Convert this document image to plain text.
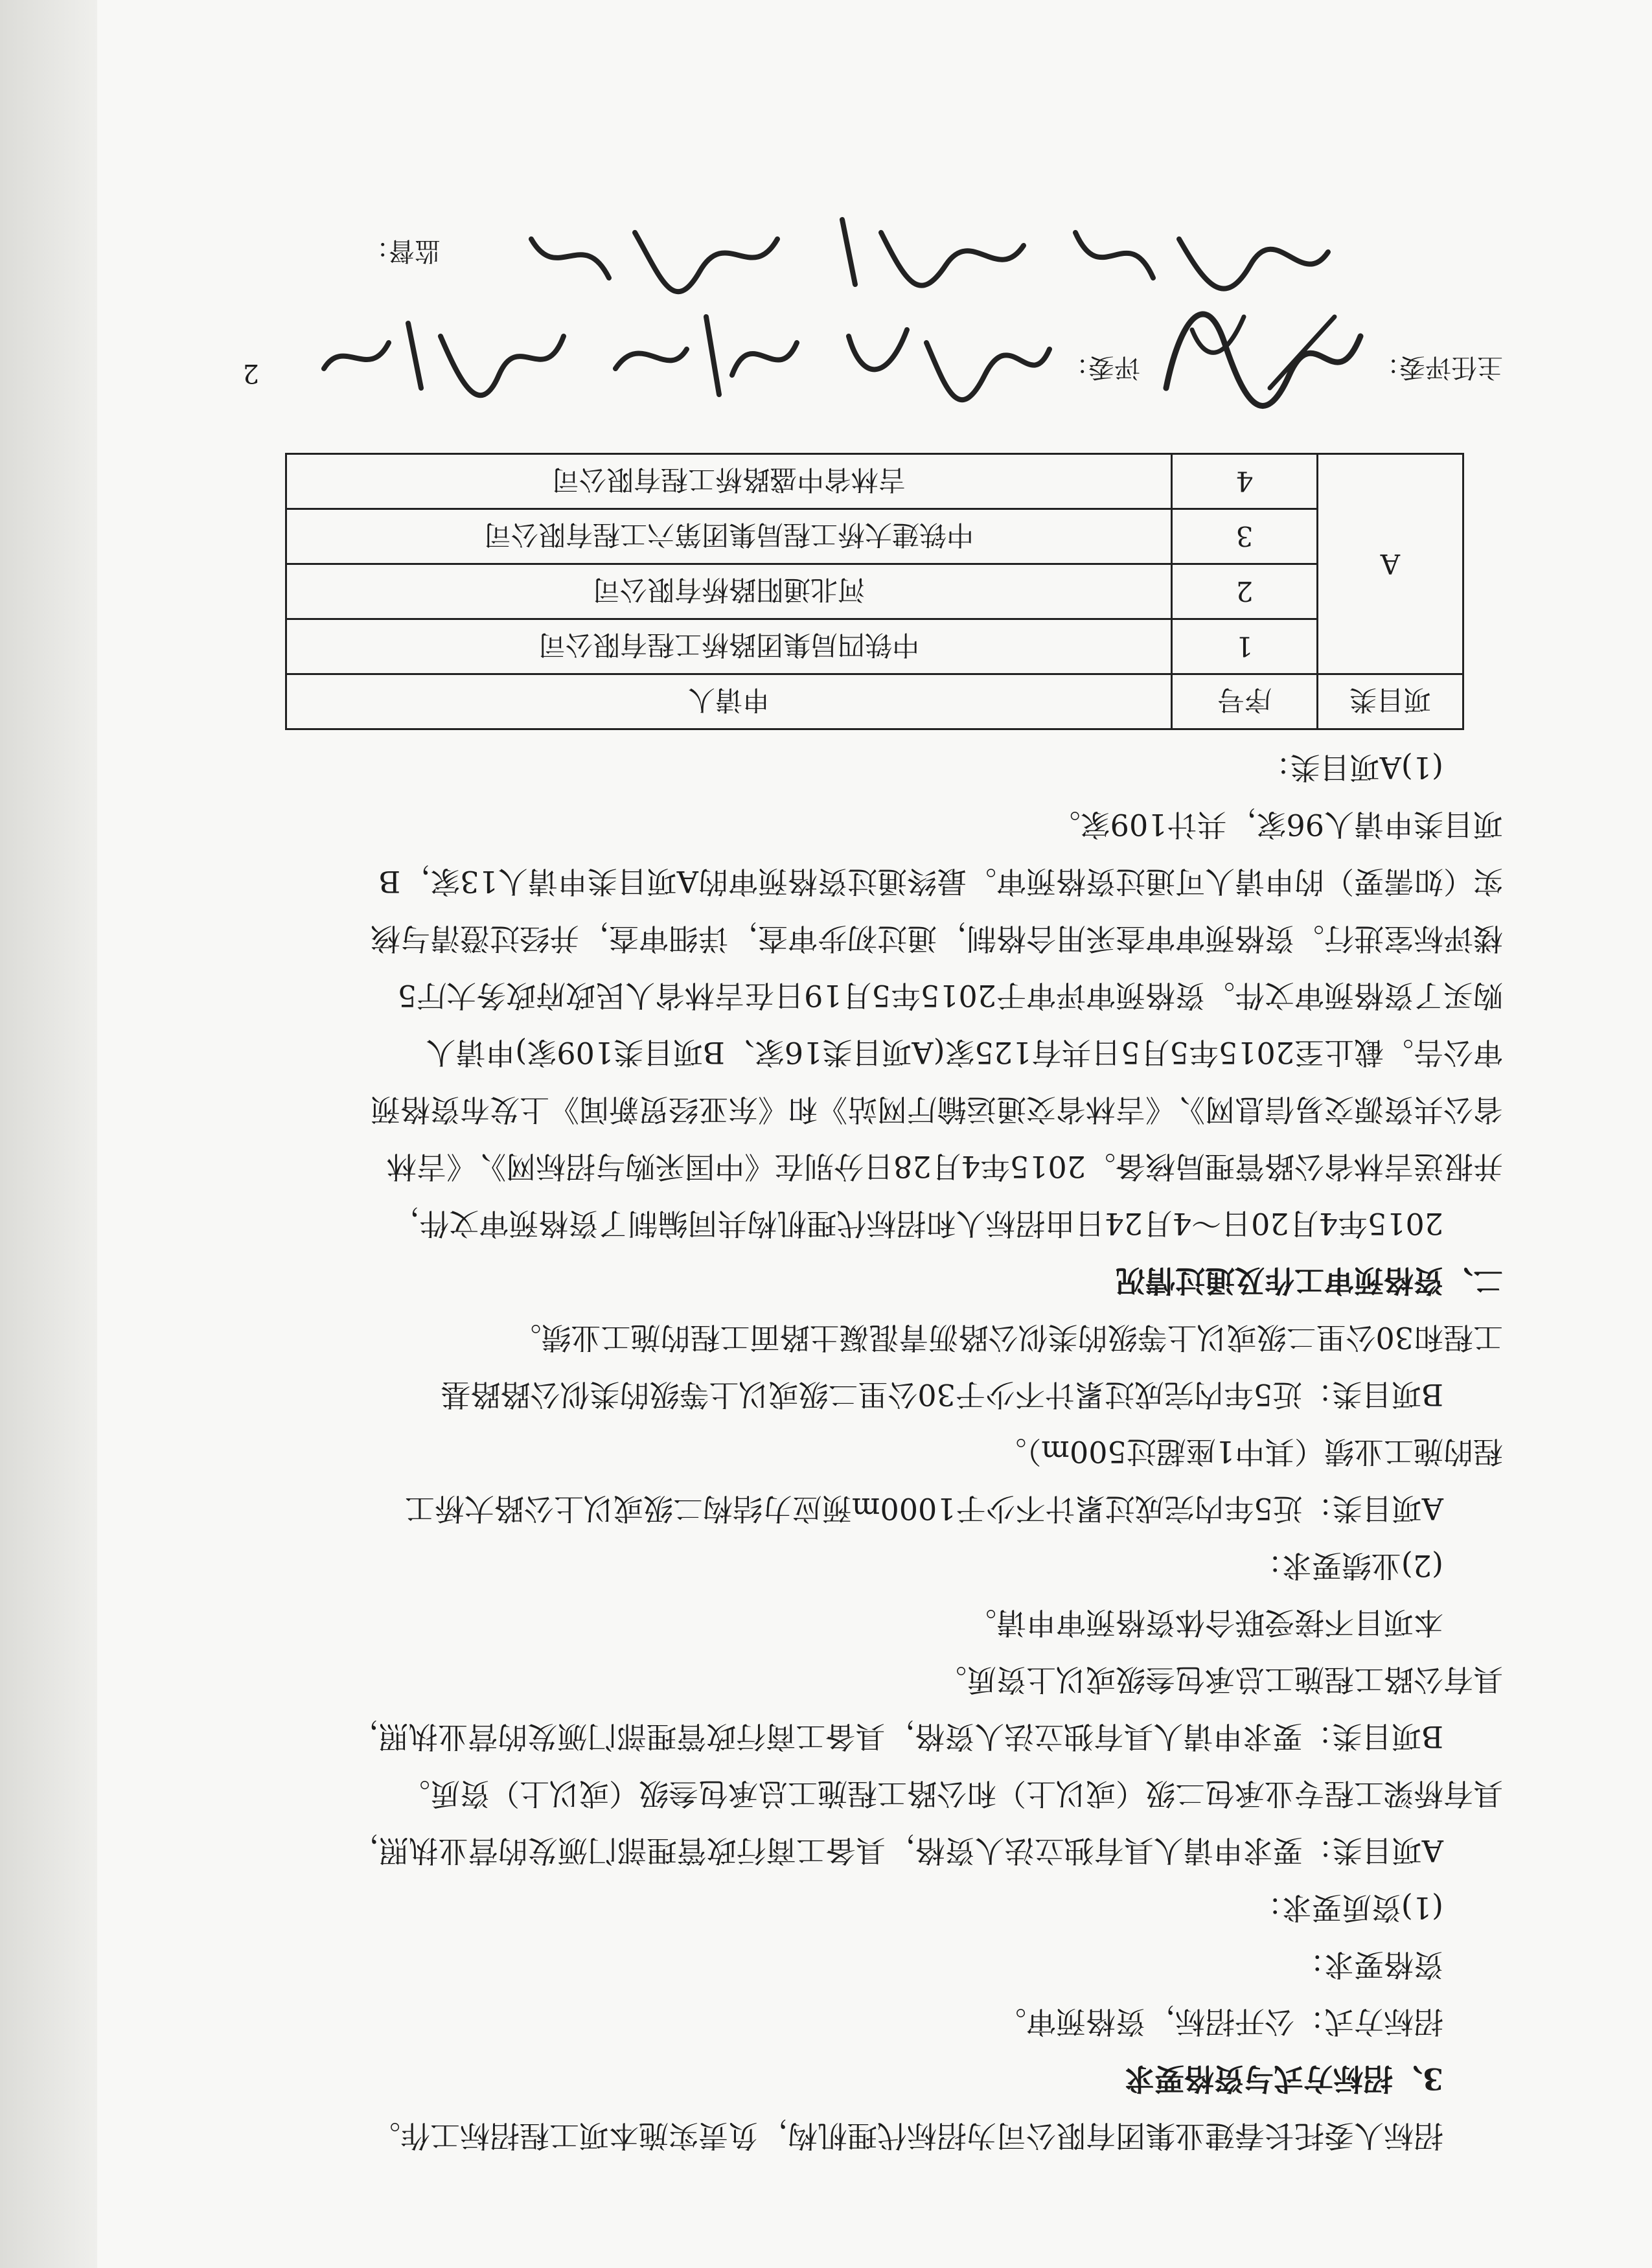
招标人委托长春建业集团有限公司为招标代理机构，负责实施本项工程招标工作。
3、招标方式与资格要求
招标方式：公开招标，资格预审。
资格要求：
(1)资质要求：
A项目类：要求申请人具有独立法人资格，具备工商行政管理部门颁发的营业执照，
具有桥梁工程专业承包二级（或以上）和公路工程施工总承包叁级（或以上）资质。
B项目类：要求申请人具有独立法人资格，具备工商行政管理部门颁发的营业执照，
具有公路工程施工总承包叁级或以上资质。
本项目不接受联合体资格预审申请。
(2)业绩要求：
A项目类：近5年内完成过累计不少于1000m预应力结构二级或以上公路大桥工
程的施工业绩（其中1座超过500m）。
B项目类：近5年内完成过累计不少于30公里二级或以上等级的类似公路路基
工程和30公里二级或以上等级的类似公路沥青混凝土路面工程的施工业绩。
二、资格预审工作及通过情况
2015年4月20日～4月24日由招标人和招标代理机构共同编制了资格预审文件，
并报送吉林省公路管理局核备。2015年4月28日分别在《中国采购与招标网》、《吉林
省公共资源交易信息网》、《吉林省交通运输厅网站》和《东亚经贸新闻》上发布资格预
审公告。截止至2015年5月5日共有125家(A项目类16家、B项目类109家)申请人
购买了资格预审文件。资格预审评审于2015年5月19日在吉林省人民政府政务大厅5
楼评标室进行。资格预审审查采用合格制，通过初步审查，详细审查，并经过澄清与核
实（如需要）的申请人可通过资格预审。最终通过资格预审的A项目类申请人13家，B
项目类申请人96家，共计109家。
(1)A项目类：
项目类	序号	申请人
A	1	中铁四局集团路桥工程有限公司
	2	河北通阳路桥有限公司
	3	中铁建大桥工程局集团第六工程有限公司
	4	吉林省中盛路桥工程有限公司
主任评委：
评委：
2
监督：
